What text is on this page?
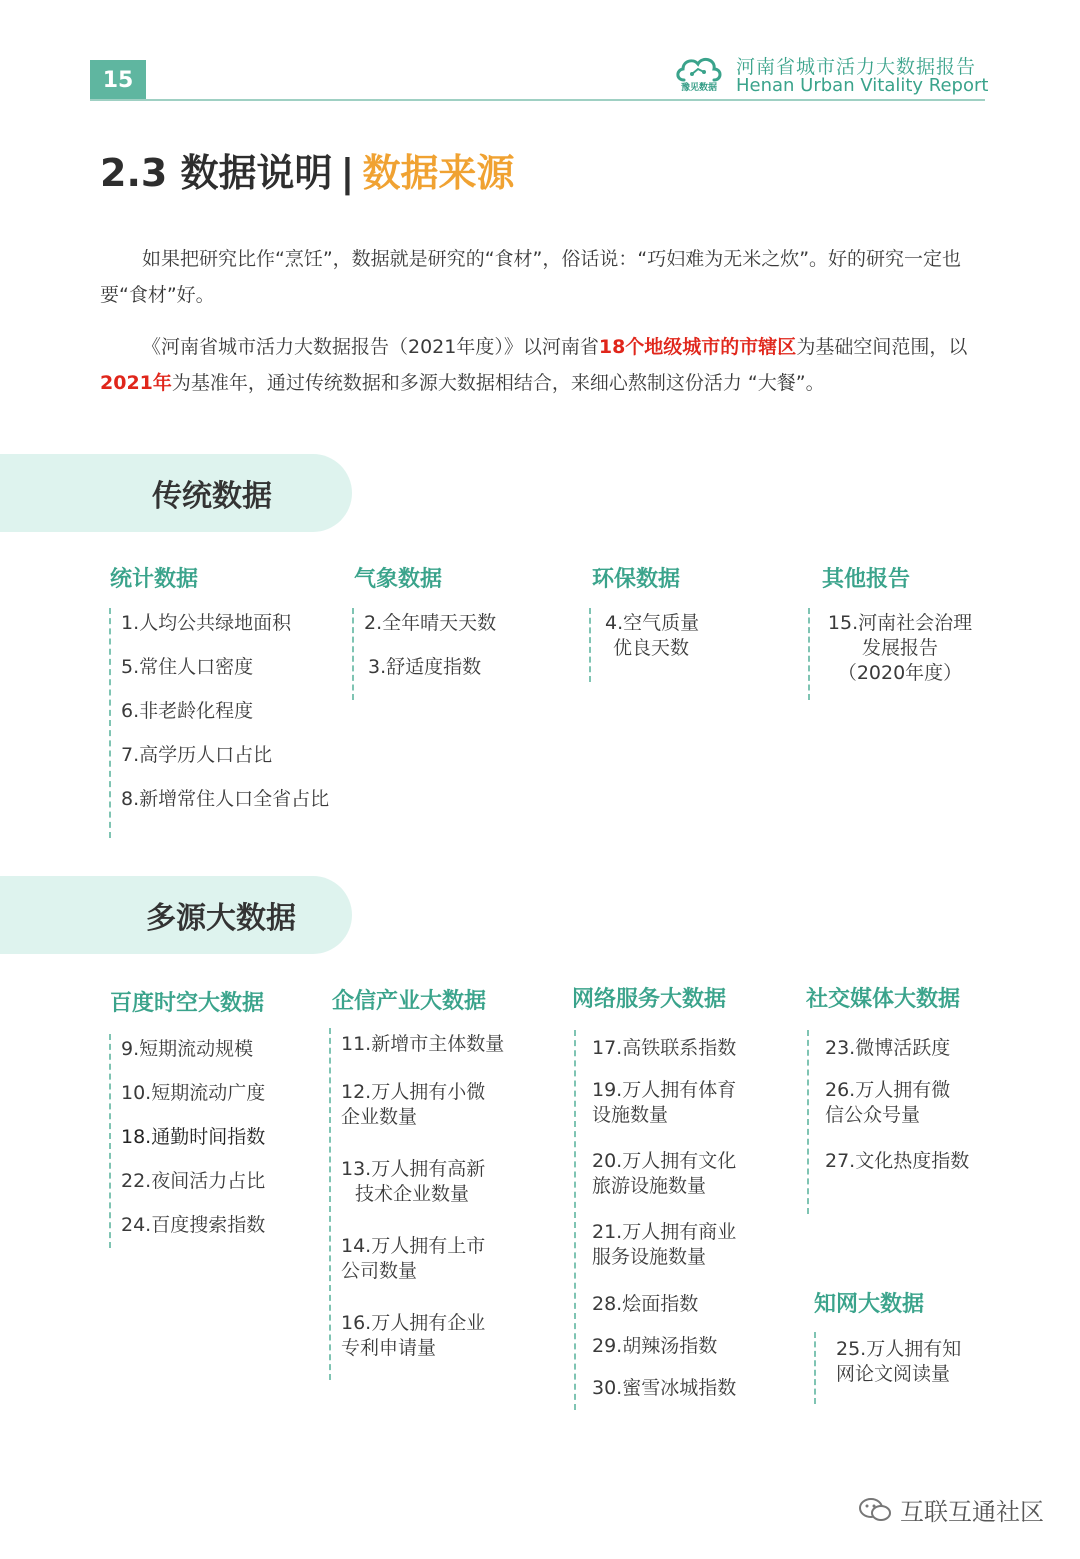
15	豫见数据
河南省城市活力大数据报告
Henan Urban Vitality Report
2.3 数据说明 | 数据来源
如果把研究比作“烹饪”，数据就是研究的“食材”，俗话说：“巧妇难为无米之炊”。好的研究一定也要“食材”好。
《河南省城市活力大数据报告（2021年度）》以河南省18个地级城市的市辖区为基础空间范围，以2021年为基准年，通过传统数据和多源大数据相结合，来细心熬制这份活力 “大餐”。
传统数据
统计数据
1.人均公共绿地面积
5.常住人口密度
6.非老龄化程度
7.高学历人口占比
8.新增常住人口全省占比
气象数据
2.全年晴天天数
3.舒适度指数
环保数据
4.空气质量
优良天数
其他报告
15.河南社会治理
发展报告
（2020年度）
多源大数据
百度时空大数据
9.短期流动规模
10.短期流动广度
18.通勤时间指数
22.夜间活力占比
24.百度搜索指数
企信产业大数据
11.新增市主体数量
12.万人拥有小微
企业数量
13.万人拥有高新
技术企业数量
14.万人拥有上市
公司数量
16.万人拥有企业
专利申请量
网络服务大数据
17.高铁联系指数
19.万人拥有体育
设施数量
20.万人拥有文化
旅游设施数量
21.万人拥有商业
服务设施数量
28.烩面指数
29.胡辣汤指数
30.蜜雪冰城指数
社交媒体大数据
23.微博活跃度
26.万人拥有微
信公众号量
27.文化热度指数
知网大数据
25.万人拥有知
网论文阅读量
互联互通社区
